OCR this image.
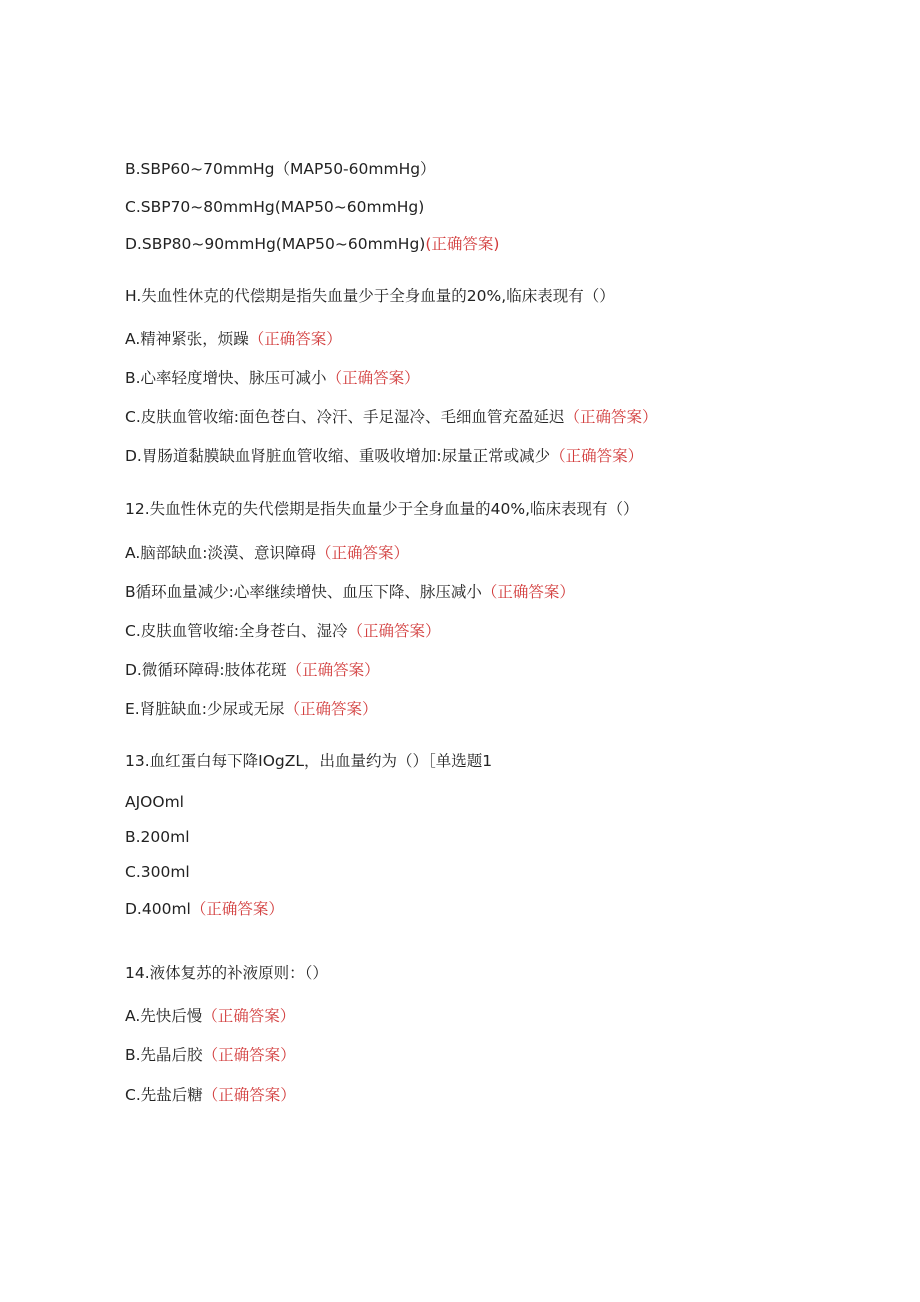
B.SBP60~70mmHg（MAP50-60mmHg）
C.SBP70~80mmHg(MAP50~60mmHg)
D.SBP80~90mmHg(MAP50~60mmHg)(正确答案)
H.失血性休克的代偿期是指失血量少于全身血量的20%,临床表现有（）
A.精神紧张，烦躁（正确答案）
B.心率轻度增快、脉压可减小（正确答案）
C.皮肤血管收缩:面色苍白、冷汗、手足湿冷、毛细血管充盈延迟（正确答案）
D.胃肠道黏膜缺血肾脏血管收缩、重吸收增加:尿量正常或减少（正确答案）
12.失血性休克的失代偿期是指失血量少于全身血量的40%,临床表现有（）
A.脑部缺血:淡漠、意识障碍（正确答案）
B循环血量减少:心率继续增快、血压下降、脉压减小（正确答案）
C.皮肤血管收缩:全身苍白、湿冷（正确答案）
D.微循环障碍:肢体花斑（正确答案）
E.肾脏缺血:少尿或无尿（正确答案）
13.血红蛋白每下降IOgZL，出血量约为（）［单选题1
AJOOml
B.200ml
C.300ml
D.400ml（正确答案）
14.液体复苏的补液原则：（）
A.先快后慢（正确答案）
B.先晶后胶（正确答案）
C.先盐后糖（正确答案）
